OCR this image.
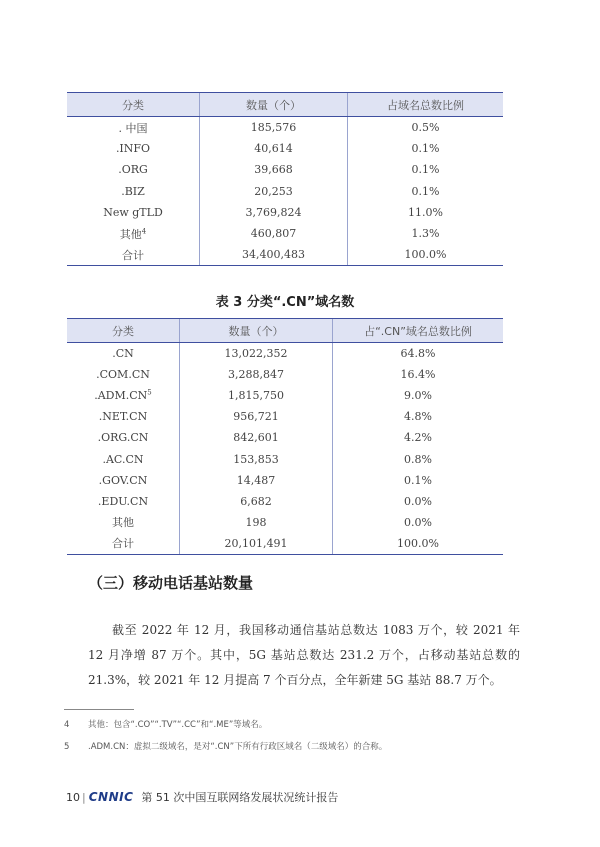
分类	数量（个）	占域名总数比例
. 中国	185,576	0.5%
.INFO	40,614	0.1%
.ORG	39,668	0.1%
.BIZ	20,253	0.1%
New gTLD	3,769,824	11.0%
其他$^4$	460,807	1.3%
合计	34,400,483	100.0%
表 3 分类“.CN”域名数
分类	数量（个）	占“.CN”域名总数比例
.CN	13,022,352	64.8%
.COM.CN	3,288,847	16.4%
$.ADM.CN^5$	1,815,750	9.0%
.NET.CN	956,721	4.8%
.ORG.CN	842,601	4.2%
.AC.CN	153,853	0.8%
.GOV.CN	14,487	0.1%
.EDU.CN	6,682	0.0%
其他	198	0.0%
合计	20,101,491	100.0%
（三）移动电话基站数量

截至 2022 年 12 月，我国移动通信基站总数达 1083 万个，较 2021 年 12 月净增 87 万个。其中，5G 基站总数达 231.2 万个，占移动基站总数的 21.3%，较 2021 年 12 月提高 7 个百分点，全年新建 5G 基站 88.7 万个。

4 其他：包含“.CO”“.TV”“.CC”和“.ME”等域名。
5 .ADM.CN：虚拟二级域名，是对“.CN”下所有行政区域名（二级域名）的合称。
10 | CNNIC 第 51 次中国互联网络发展状况统计报告
